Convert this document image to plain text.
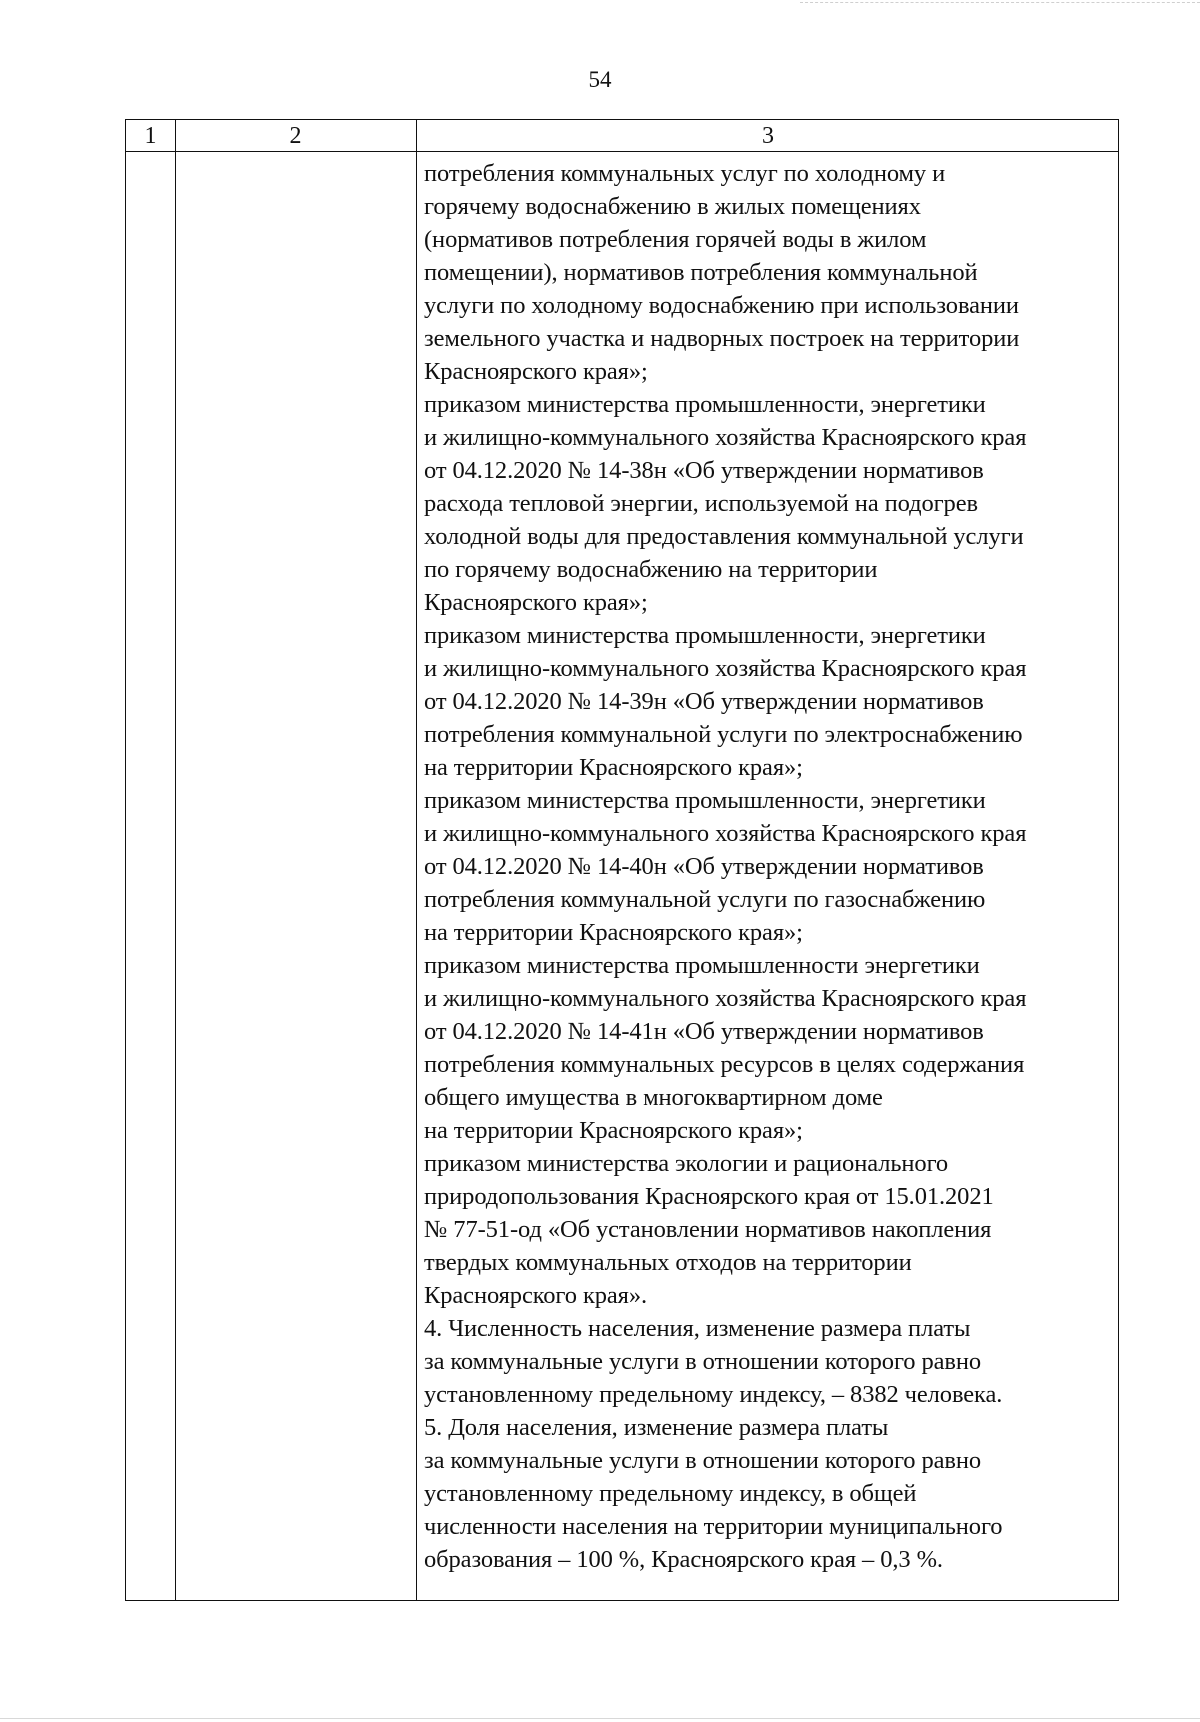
54
1	2	3
потребления коммунальных услуг по холодному и
горячему водоснабжению в жилых помещениях
(нормативов потребления горячей воды в жилом
помещении), нормативов потребления коммунальной
услуги по холодному водоснабжению при использовании
земельного участка и надворных построек на территории
Красноярского края»;
приказом министерства промышленности, энергетики
и жилищно-коммунального хозяйства Красноярского края
от 04.12.2020 № 14-38н «Об утверждении нормативов
расхода тепловой энергии, используемой на подогрев
холодной воды для предоставления коммунальной услуги
по горячему водоснабжению на территории
Красноярского края»;
приказом министерства промышленности, энергетики
и жилищно-коммунального хозяйства Красноярского края
от 04.12.2020 № 14-39н «Об утверждении нормативов
потребления коммунальной услуги по электроснабжению
на территории Красноярского края»;
приказом министерства промышленности, энергетики
и жилищно-коммунального хозяйства Красноярского края
от 04.12.2020 № 14-40н «Об утверждении нормативов
потребления коммунальной услуги по газоснабжению
на территории Красноярского края»;
приказом министерства промышленности энергетики
и жилищно-коммунального хозяйства Красноярского края
от 04.12.2020 № 14-41н «Об утверждении нормативов
потребления коммунальных ресурсов в целях содержания
общего имущества в многоквартирном доме
на территории Красноярского края»;
приказом министерства экологии и рационального
природопользования Красноярского края от 15.01.2021
№ 77-51-од «Об установлении нормативов накопления
твердых коммунальных отходов на территории
Красноярского края».
4. Численность населения, изменение размера платы
за коммунальные услуги в отношении которого равно
установленному предельному индексу, – 8382 человека.
5. Доля населения, изменение размера платы
за коммунальные услуги в отношении которого равно
установленному предельному индексу, в общей
численности населения на территории муниципального
образования – 100 %, Красноярского края – 0,3 %.
